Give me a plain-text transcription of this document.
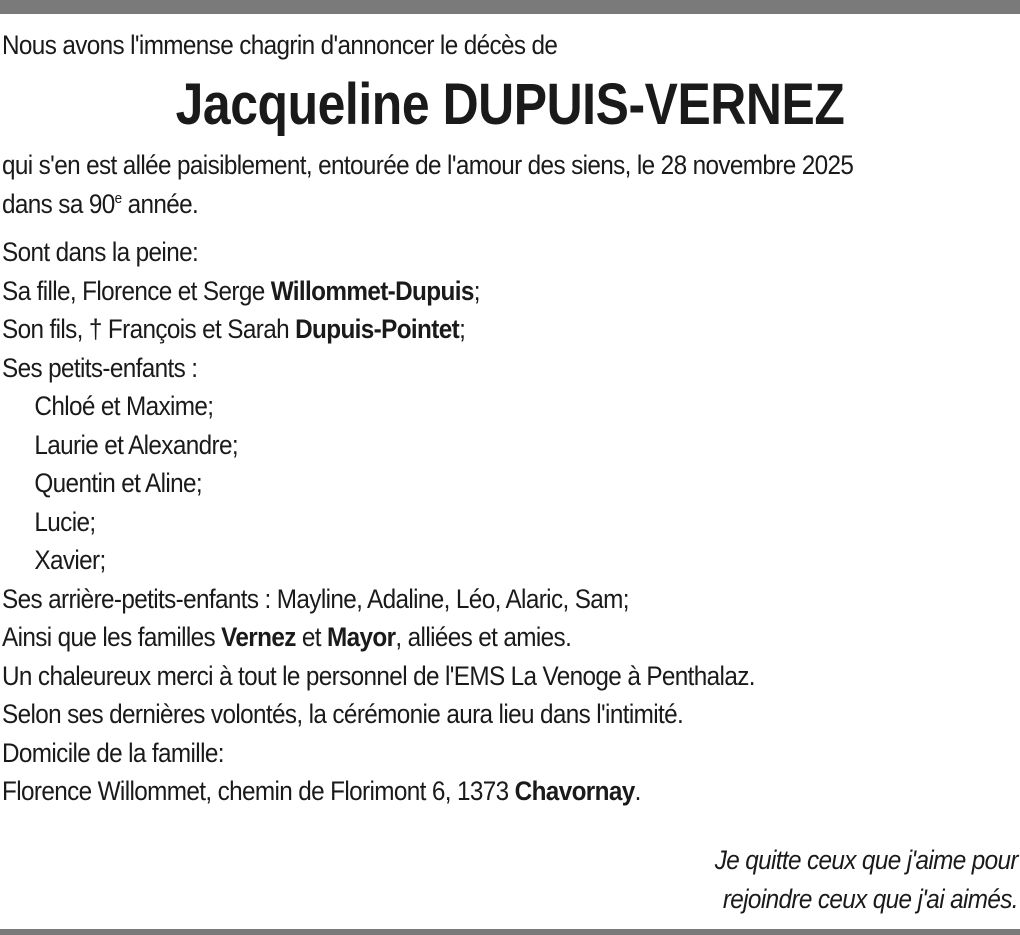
Nous avons l'immense chagrin d'annoncer le décès de
Jacqueline DUPUIS-VERNEZ
qui s'en est allée paisiblement, entourée de l'amour des siens, le 28 novembre 2025
dans sa 90e année.
Sont dans la peine:
Sa fille, Florence et Serge Willommet-Dupuis;
Son fils, † François et Sarah Dupuis-Pointet;
Ses petits-enfants :
Chloé et Maxime;
Laurie et Alexandre;
Quentin et Aline;
Lucie;
Xavier;
Ses arrière-petits-enfants : Mayline, Adaline, Léo, Alaric, Sam;
Ainsi que les familles Vernez et Mayor, alliées et amies.
Un chaleureux merci à tout le personnel de l'EMS La Venoge à Penthalaz.
Selon ses dernières volontés, la cérémonie aura lieu dans l'intimité.
Domicile de la famille:
Florence Willommet, chemin de Florimont 6, 1373 Chavornay.
Je quitte ceux que j'aime pour
rejoindre ceux que j'ai aimés.
